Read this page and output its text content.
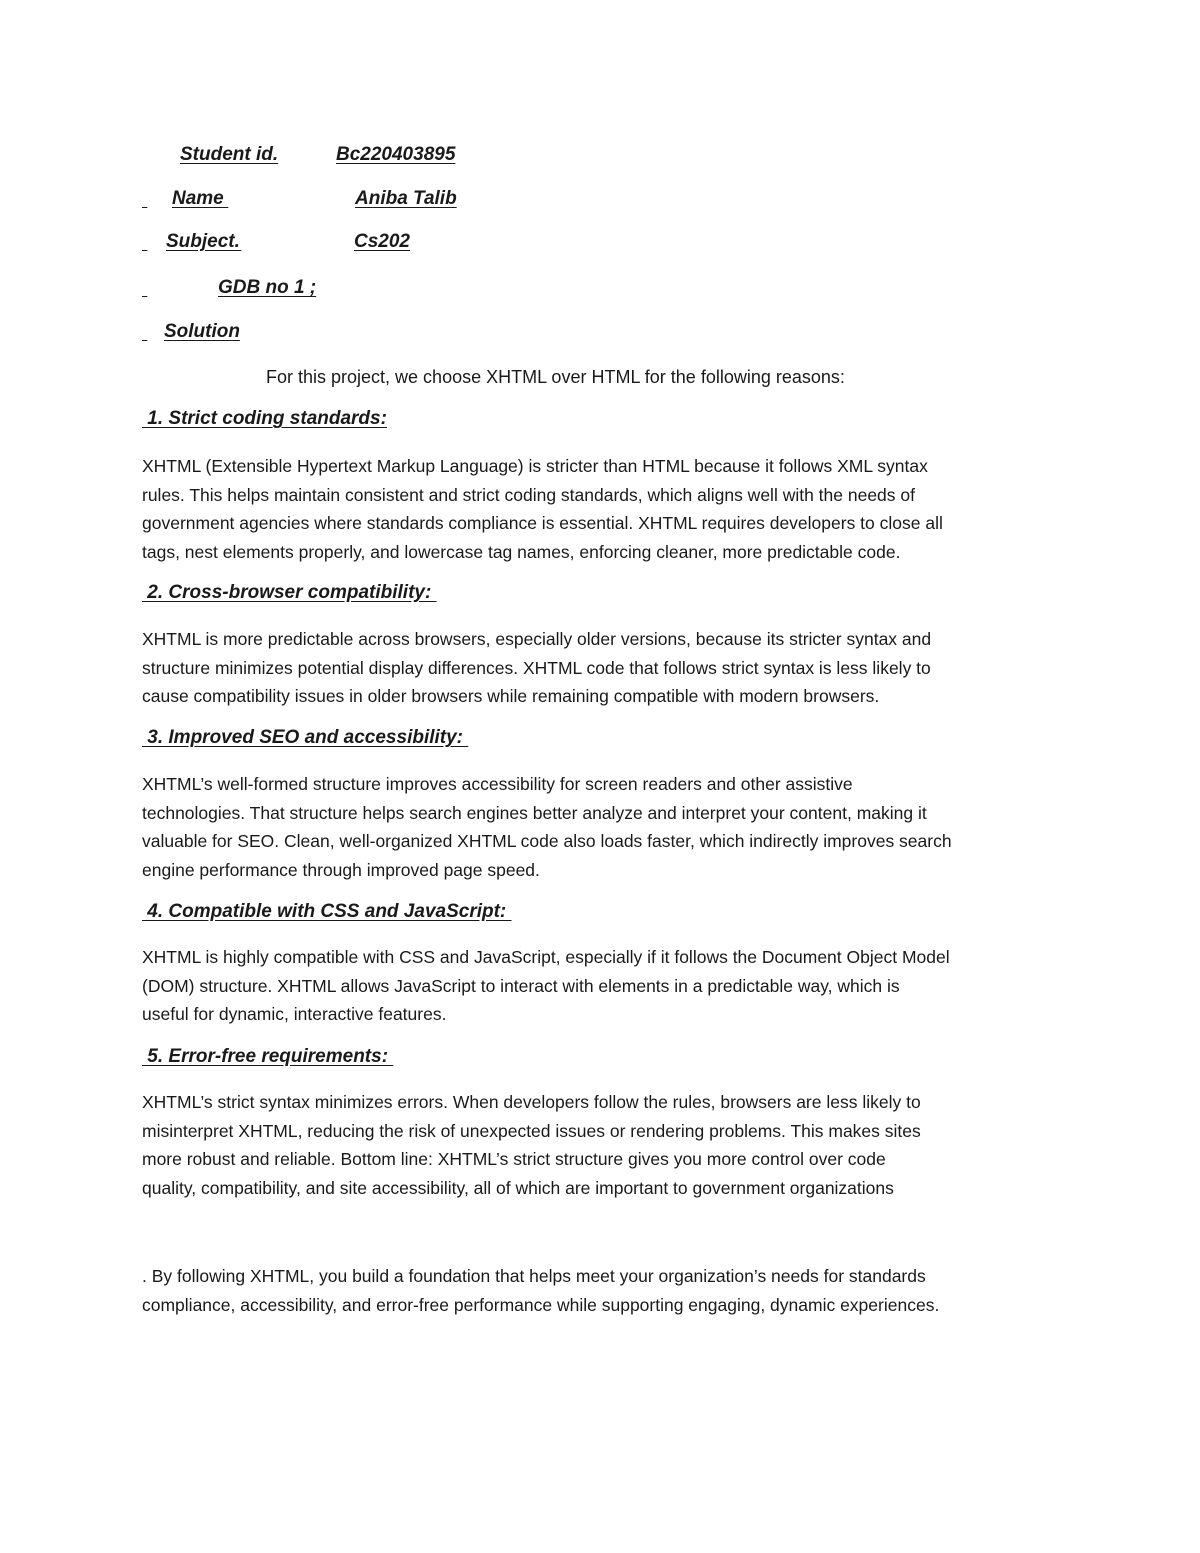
Student id.
	Bc220403895

Name
	Aniba Talib

Subject.
	Cs202

GDB no 1 ;

Solution
For this project, we choose XHTML over HTML for the following reasons:
1. Strict coding standards:
XHTML (Extensible Hypertext Markup Language) is stricter than HTML because it follows XML syntax
rules. This helps maintain consistent and strict coding standards, which aligns well with the needs of
government agencies where standards compliance is essential. XHTML requires developers to close all
tags, nest elements properly, and lowercase tag names, enforcing cleaner, more predictable code.
2. Cross-browser compatibility:
XHTML is more predictable across browsers, especially older versions, because its stricter syntax and
structure minimizes potential display differences. XHTML code that follows strict syntax is less likely to
cause compatibility issues in older browsers while remaining compatible with modern browsers.
3. Improved SEO and accessibility:
XHTML’s well-formed structure improves accessibility for screen readers and other assistive
technologies. That structure helps search engines better analyze and interpret your content, making it
valuable for SEO. Clean, well-organized XHTML code also loads faster, which indirectly improves search
engine performance through improved page speed.
4. Compatible with CSS and JavaScript:
XHTML is highly compatible with CSS and JavaScript, especially if it follows the Document Object Model
(DOM) structure. XHTML allows JavaScript to interact with elements in a predictable way, which is
useful for dynamic, interactive features.
5. Error-free requirements:
XHTML’s strict syntax minimizes errors. When developers follow the rules, browsers are less likely to
misinterpret XHTML, reducing the risk of unexpected issues or rendering problems. This makes sites
more robust and reliable. Bottom line: XHTML’s strict structure gives you more control over code
quality, compatibility, and site accessibility, all of which are important to government organizations
. By following XHTML, you build a foundation that helps meet your organization’s needs for standards
compliance, accessibility, and error-free performance while supporting engaging, dynamic experiences.
